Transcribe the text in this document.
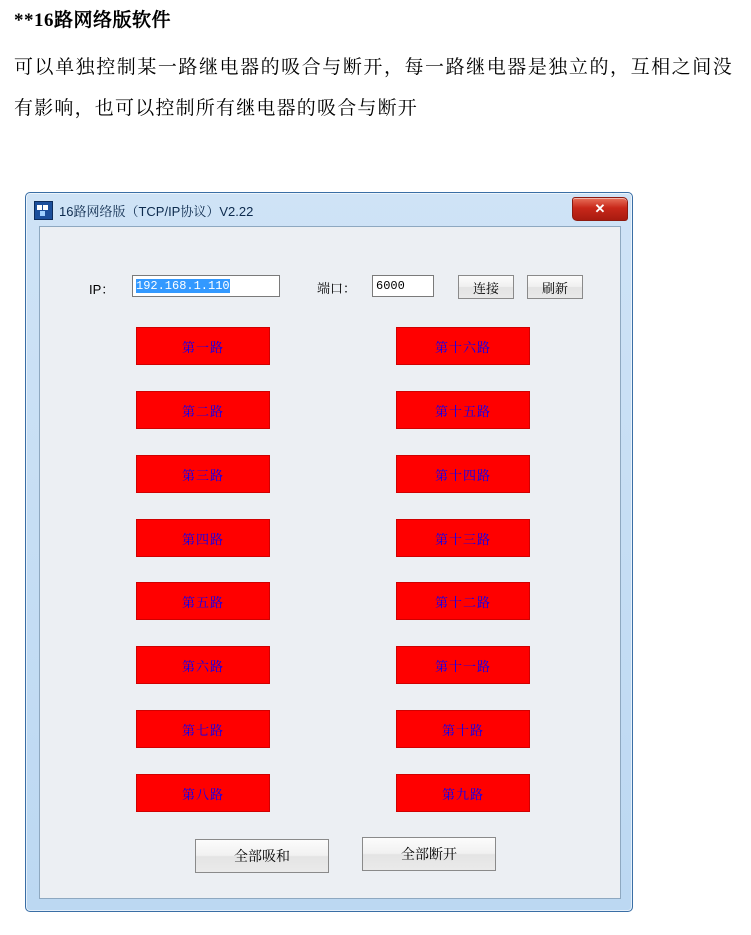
**16路网络版软件

可以单独控制某一路继电器的吸合与断开，每一路继电器是独立的，互相之间没有影响，也可以控制所有继电器的吸合与断开

16路网络版（TCP/IP协议）V2.22	✕
IP：	192.168.1.110	端口：	6000	连接	刷新
第一路
第二路
第三路
第四路
第五路
第六路
第七路
第八路
第十六路
第十五路
第十四路
第十三路
第十二路
第十一路
第十路
第九路
全部吸和	全部断开
